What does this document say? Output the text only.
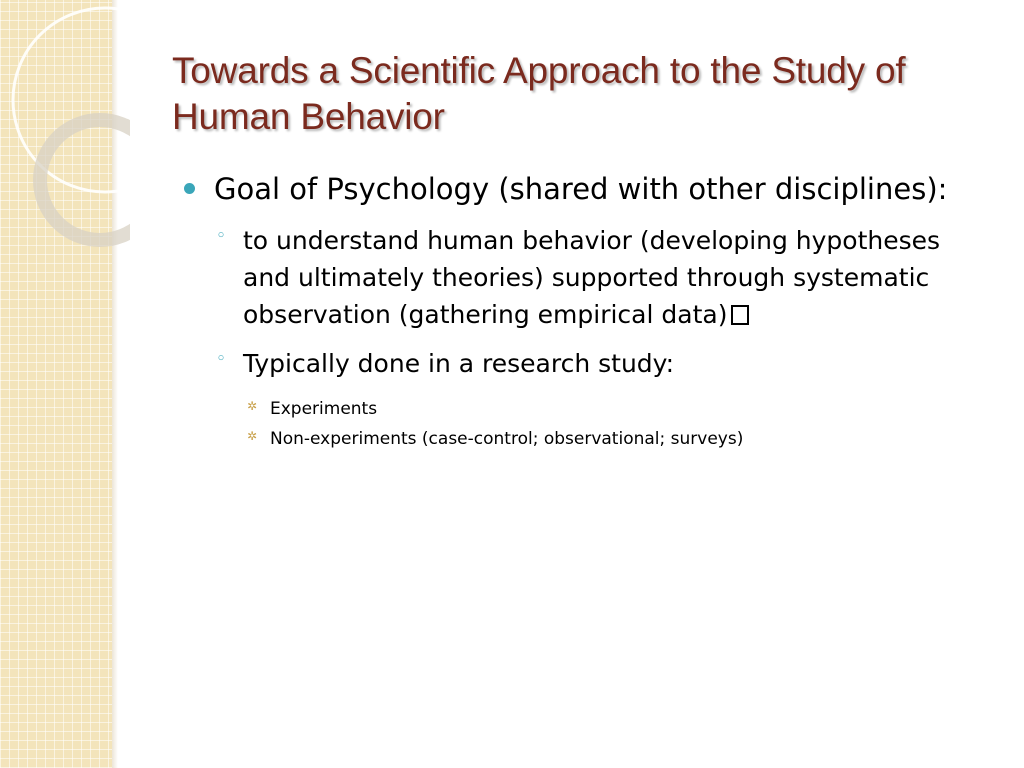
Towards a Scientific Approach to the Study of Human Behavior
Goal of Psychology (shared with other disciplines):
◦ to understand human behavior (developing hypotheses and ultimately theories) supported through systematic observation (gathering empirical data)
◦ Typically done in a research study:
✲ Experiments
✲ Non-experiments (case-control; observational; surveys)
